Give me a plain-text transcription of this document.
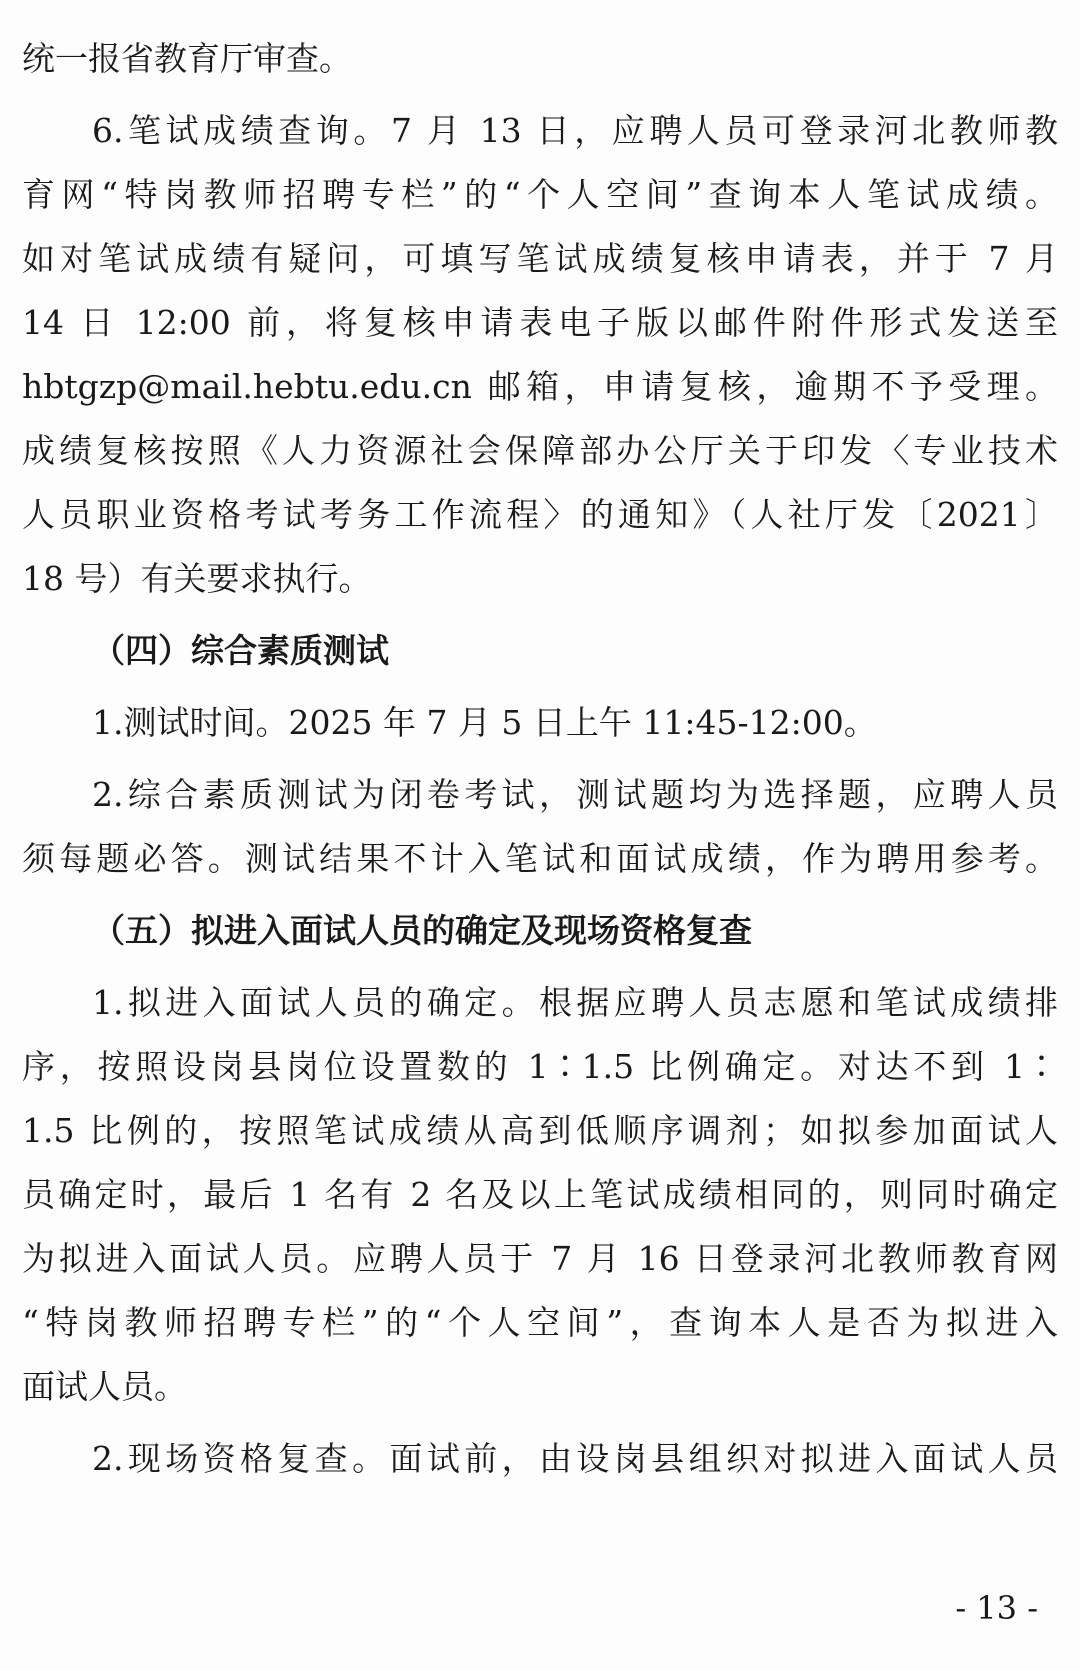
统一报省教育厅审查。
6.笔试成绩查询。7 月 13 日，应聘人员可登录河北教师教
育网“特岗教师招聘专栏”的“个人空间”查询本人笔试成绩。
如对笔试成绩有疑问，可填写笔试成绩复核申请表，并于 7 月
14 日 12:00 前，将复核申请表电子版以邮件附件形式发送至
hbtgzp@mail.hebtu.edu.cn 邮箱，申请复核，逾期不予受理。
成绩复核按照《人力资源社会保障部办公厅关于印发〈专业技术
人员职业资格考试考务工作流程〉的通知》（人社厅发〔2021〕
18 号）有关要求执行。
（四）综合素质测试
1.测试时间。2025 年 7 月 5 日上午 11:45-12:00。
2.综合素质测试为闭卷考试，测试题均为选择题，应聘人员
须每题必答。测试结果不计入笔试和面试成绩，作为聘用参考。
（五）拟进入面试人员的确定及现场资格复查
1.拟进入面试人员的确定。根据应聘人员志愿和笔试成绩排
序，按照设岗县岗位设置数的 1∶1.5 比例确定。对达不到 1∶
1.5 比例的，按照笔试成绩从高到低顺序调剂；如拟参加面试人
员确定时，最后 1 名有 2 名及以上笔试成绩相同的，则同时确定
为拟进入面试人员。应聘人员于 7 月 16 日登录河北教师教育网
“特岗教师招聘专栏”的“个人空间”，查询本人是否为拟进入
面试人员。
2.现场资格复查。面试前，由设岗县组织对拟进入面试人员
- 13 -
